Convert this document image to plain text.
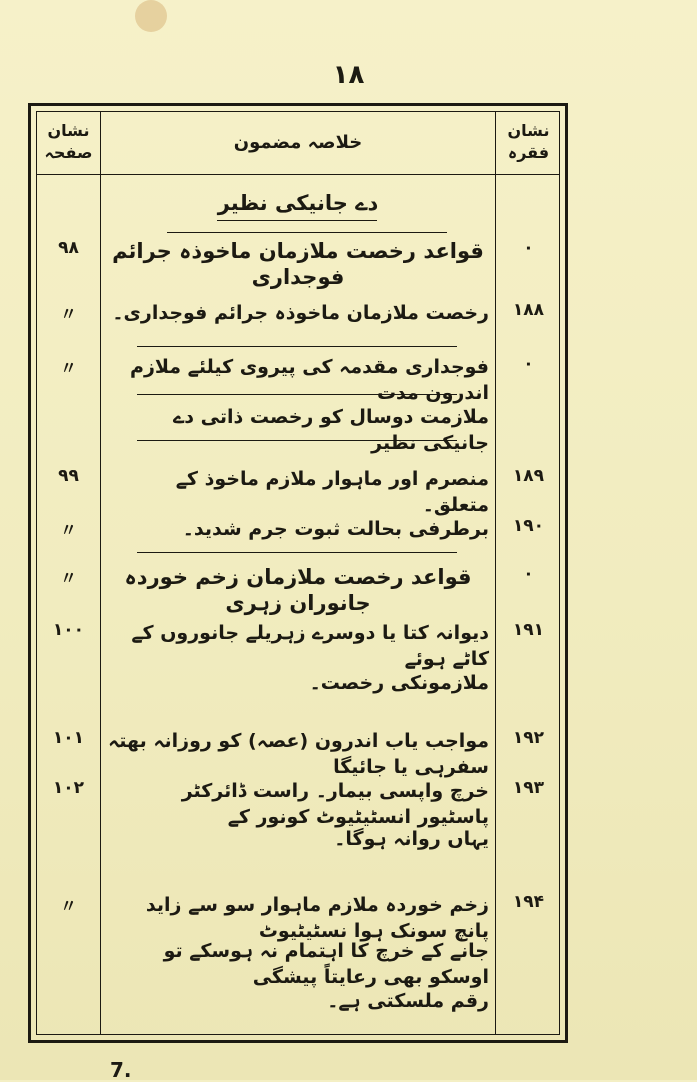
۱۸
نشان صفحہ	خلاصہ مضمون
نشان فقرہ
دے جانیکی نظیر
۰
قواعد رخصت ملازمان ماخوذہ جرائم فوجداری
۹۸
۱۸۸
رخصت ملازمان ماخوذہ جرائم فوجداری۔
〃
۰
فوجداری مقدمہ کی پیروی کیلئے ملازم اندرون مدت
〃
ملازمت دوسال کو رخصت ذاتی دے جانیکی نظیر
۱۸۹
منصرم اور ماہوار ملازم ماخوذ کے متعلق۔
۹۹
۱۹۰
برطرفی بحالت ثبوت جرم شدید۔
〃
۰
قواعد رخصت ملازمان زخم خوردہ جانوران زہری
〃
۱۹۱
دیوانہ کتا یا دوسرے زہریلے جانوروں کے کاٹے ہوئے
۱۰۰
ملازمونکی رخصت۔
۱۹۲
مواجب یاب اندرون (عصہ) کو روزانہ بھتہ سفرہی یا جائیگا
۱۰۱
۱۹۳
خرچ واپسی بیمار۔ راست ڈائرکٹر پاسٹیور انسٹیٹیوٹ کونور کے
۱۰۲
یہاں روانہ ہوگا۔
۱۹۴
زخم خوردہ ملازم ماہوار سو سے زاید پانچ سونک ہوا نسٹیٹیوٹ
〃
جانے کے خرچ کا اہتمام نہ ہوسکے تو اوسکو بھی رعایتاً پیشگی
رقم ملسکتی ہے۔
7.
